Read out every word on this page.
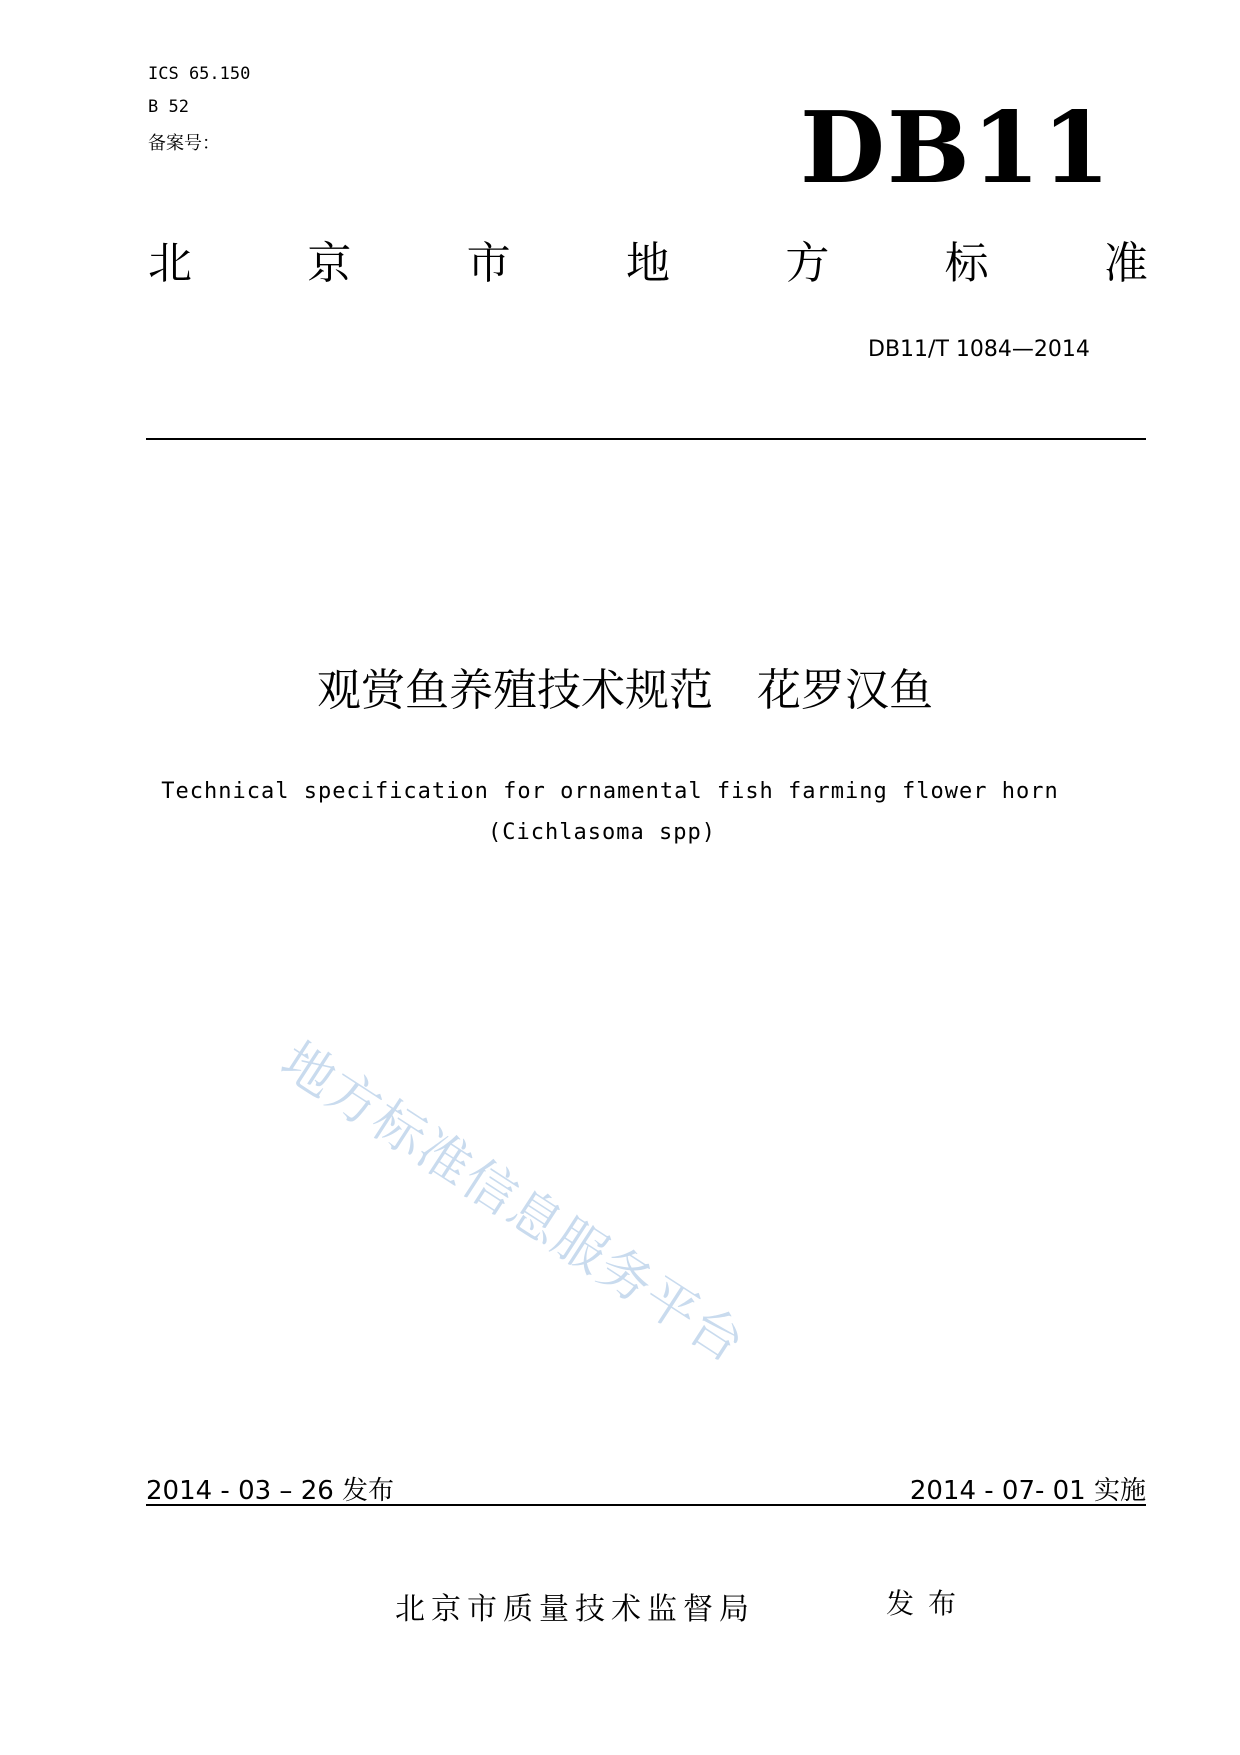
ICS 65.150
B 52
备案号：	DB11
北	京	市	地	方	标	准
DB11/T 1084—2014
观赏鱼养殖技术规范　花罗汉鱼
Technical specification for ornamental fish farming flower horn
(Cichlasoma spp)
地方标准信息服务平台
2014 - 03 – 26 发布	2014 - 07- 01 实施
北京市质量技术监督局	发布
